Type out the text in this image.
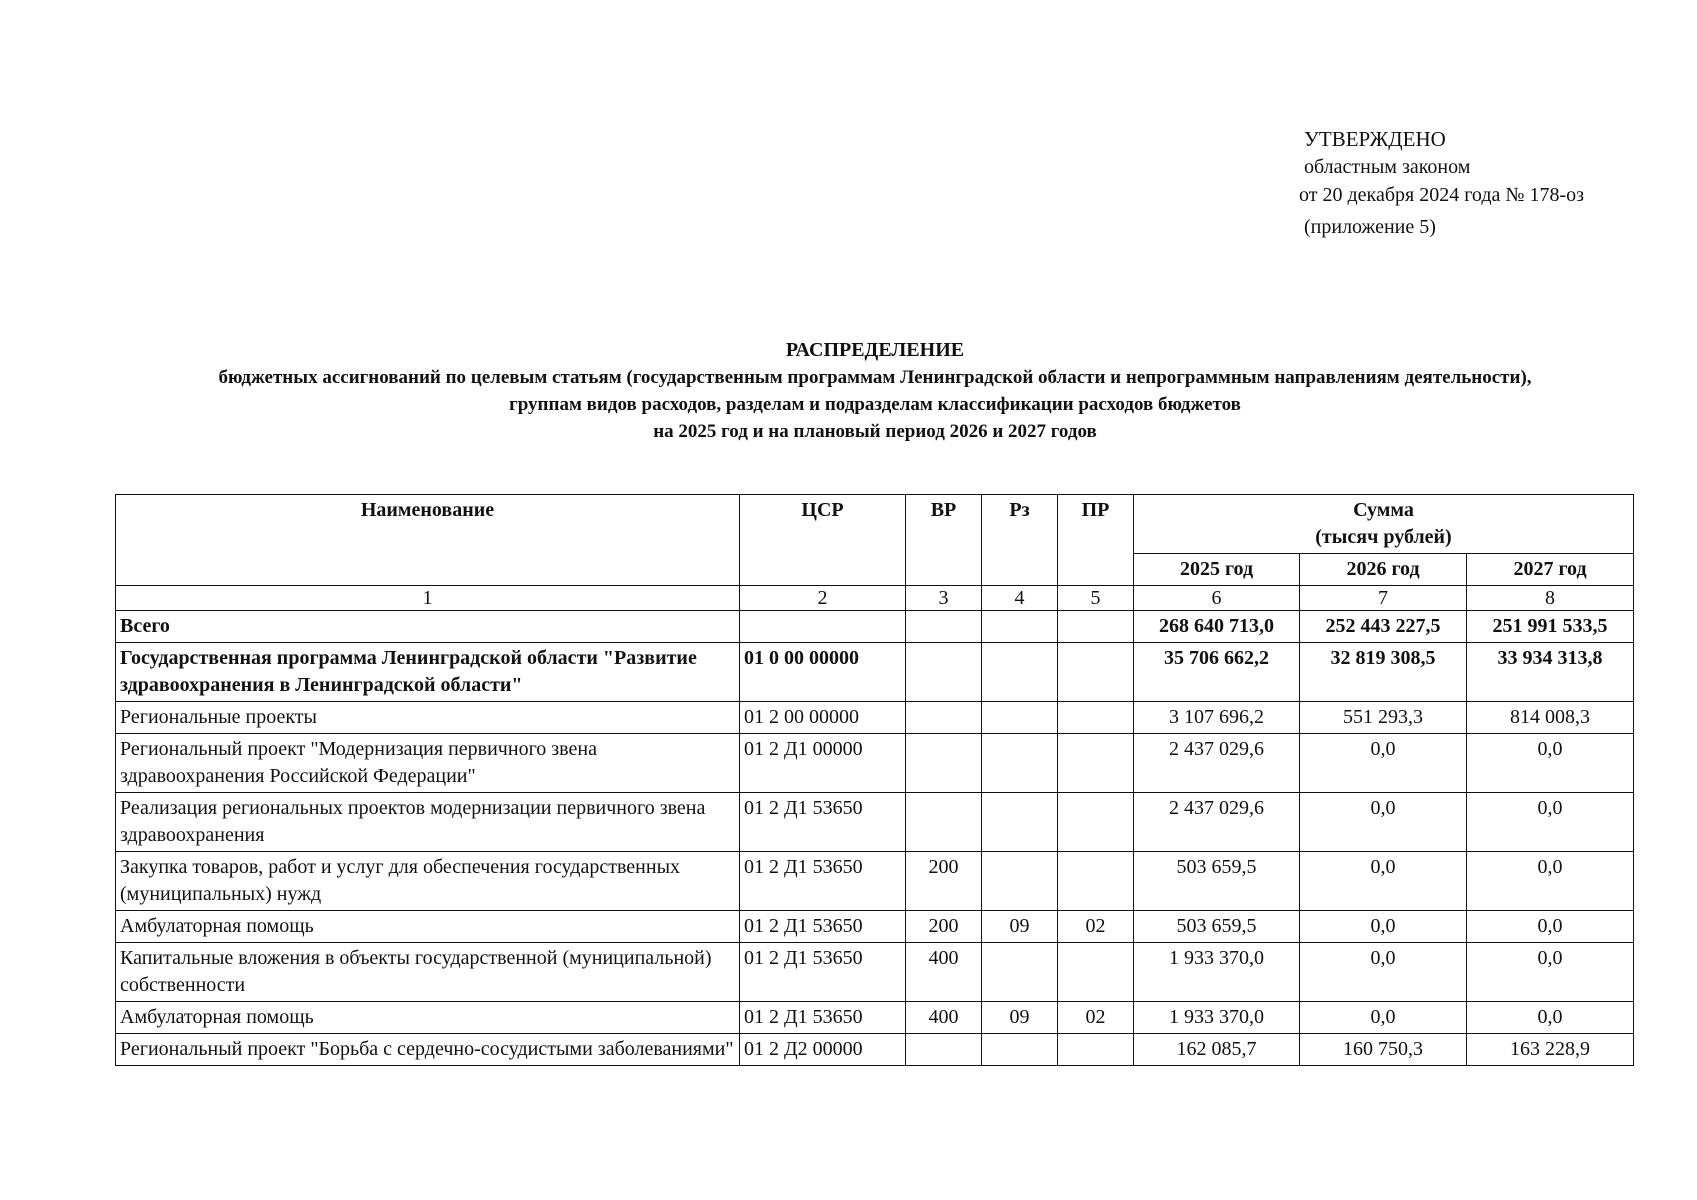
УТВЕРЖДЕНО
областным законом
от 20 декабря 2024 года № 178-оз
(приложение 5)
РАСПРЕДЕЛЕНИЕ
бюджетных ассигнований по целевым статьям (государственным программам Ленинградской области и непрограммным направлениям деятельности),
группам видов расходов, разделам и подразделам классификации расходов бюджетов
на 2025 год и на плановый период 2026 и 2027 годов
Наименование	ЦСР	ВР	Рз	ПР	Сумма
(тысяч рублей)		

					2025 год	2026 год	2027 год
1	2	3	4	5	6	7	8
Всего					268 640 713,0	252 443 227,5	251 991 533,5
Государственная программа Ленинградской области "Развитие здравоохранения в Ленинградской области"	01 0 00 00000				35 706 662,2	32 819 308,5	33 934 313,8
Региональные проекты	01 2 00 00000				3 107 696,2	551 293,3	814 008,3
Региональный проект "Модернизация первичного звена здравоохранения Российской Федерации"	01 2 Д1 00000				2 437 029,6	0,0	0,0
Реализация региональных проектов модернизации первичного звена здравоохранения	01 2 Д1 53650				2 437 029,6	0,0	0,0
Закупка товаров, работ и услуг для обеспечения государственных (муниципальных) нужд	01 2 Д1 53650	200			503 659,5	0,0	0,0
Амбулаторная помощь	01 2 Д1 53650	200	09	02	503 659,5	0,0	0,0
Капитальные вложения в объекты государственной (муниципальной) собственности	01 2 Д1 53650	400			1 933 370,0	0,0	0,0
Амбулаторная помощь	01 2 Д1 53650	400	09	02	1 933 370,0	0,0	0,0
Региональный проект "Борьба с сердечно-сосудистыми заболеваниями"	01 2 Д2 00000				162 085,7	160 750,3	163 228,9
